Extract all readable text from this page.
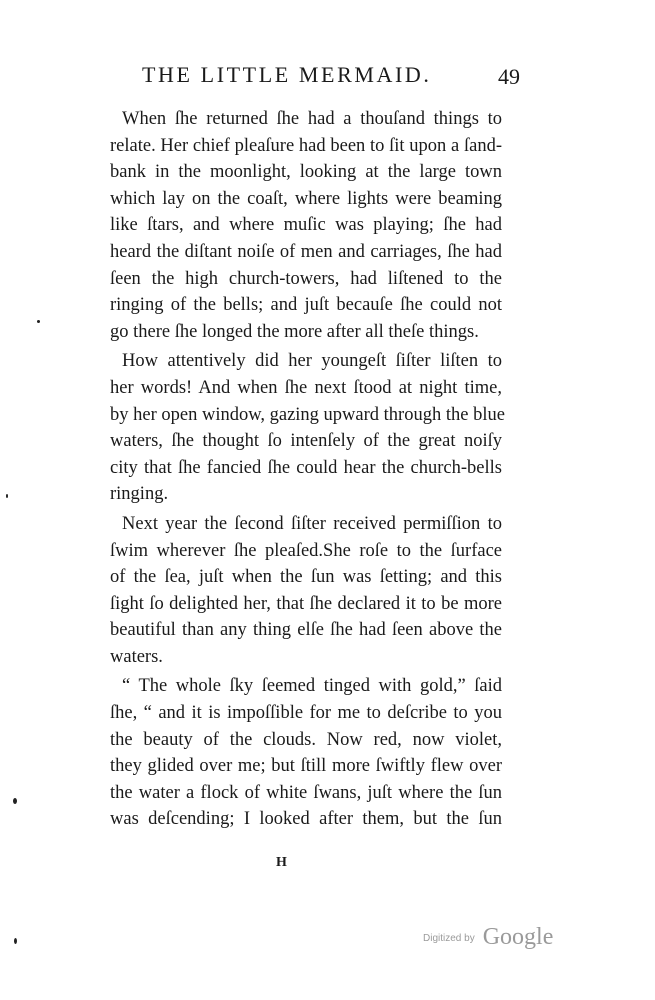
THE LITTLE MERMAID.	49
When ſhe returned ſhe had a thouſand things to
relate. Her chief pleaſure had been to ſit upon a ſand-
bank in the moonlight, looking at the large town
which lay on the coaſt, where lights were beaming
like ſtars, and where muſic was playing; ſhe had
heard the diſtant noiſe of men and carriages, ſhe had
ſeen the high church-towers, had liſtened to the
ringing of the bells; and juſt becauſe ſhe could not
go there ſhe longed the more after all theſe things.
How attentively did her youngeſt ſiſter liſten to
her words! And when ſhe next ſtood at night time,
by her open window, gazing upward through the blue
waters, ſhe thought ſo intenſely of the great noiſy
city that ſhe fancied ſhe could hear the church-bells
ringing.
Next year the ſecond ſiſter received permiſſion to
ſwim wherever ſhe pleaſed.She roſe to the ſurface
of the ſea, juſt when the ſun was ſetting; and this
ſight ſo delighted her, that ſhe declared it to be more
beautiful than any thing elſe ſhe had ſeen above the
waters.
“ The whole ſky ſeemed tinged with gold,” ſaid
ſhe, “ and it is impoſſible for me to deſcribe to you
the beauty of the clouds. Now red, now violet,
they glided over me; but ſtill more ſwiftly flew over
the water a flock of white ſwans, juſt where the ſun
was deſcending; I looked after them, but the ſun
H
Digitized by Google
